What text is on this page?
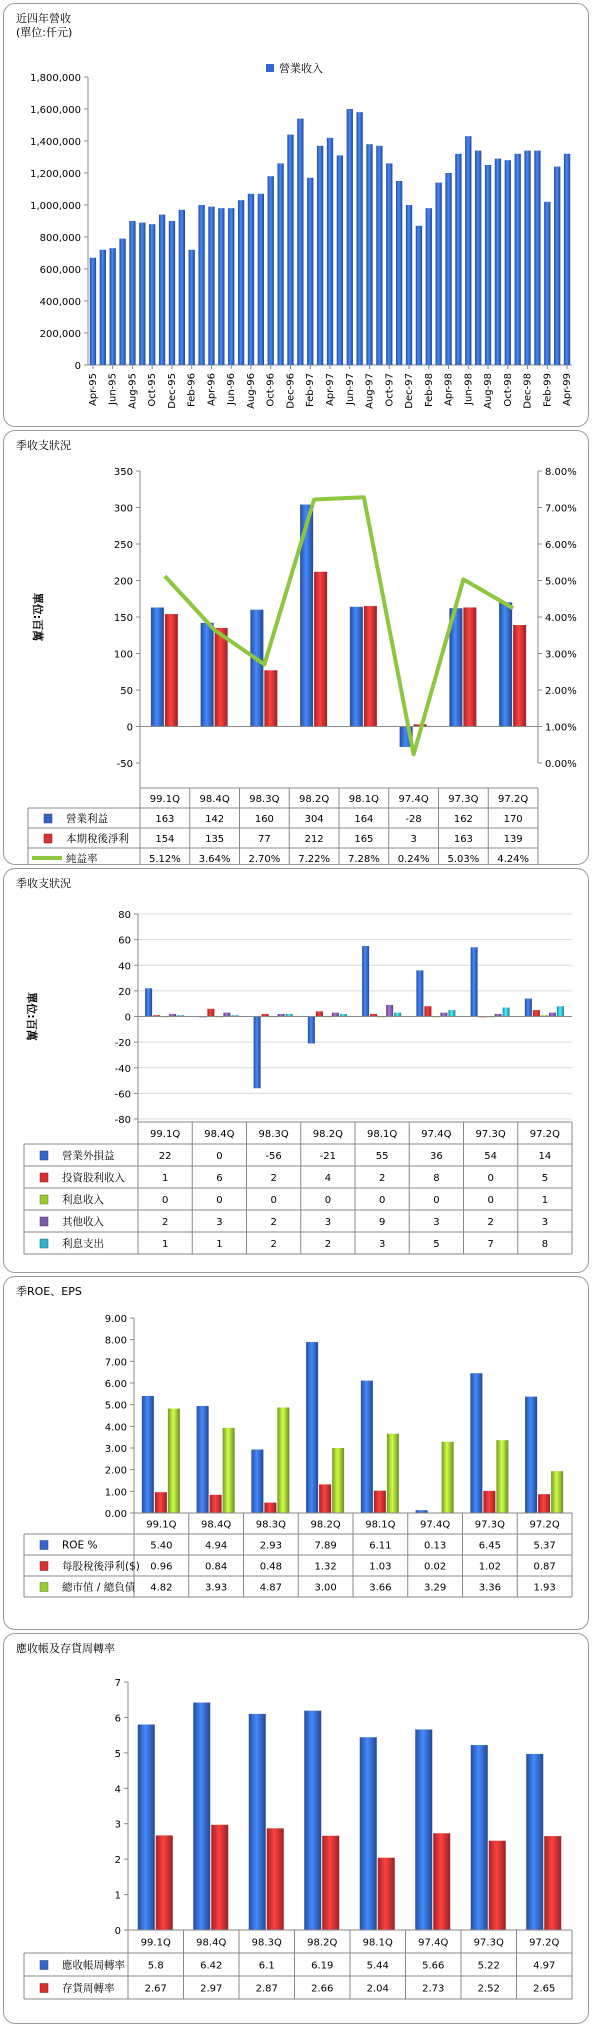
近四年營收
(單位:仟元)
0
200,000
400,000
600,000
800,000
1,000,000
1,200,000
1,400,000
1,600,000
1,800,000
Apr-95 Jun-95 Aug-95 Oct-95 Dec-95 Feb-96 Apr-96 Jun-96 Aug-96 Oct-96 Dec-96 Feb-97 Apr-97 Jun-97 Aug-97 Oct-97 Dec-97 Feb-98 Apr-98 Jun-98 Aug-98 Oct-98 Dec-98 Feb-99 Apr-99
營業收入
季收支狀況
-50
0
50
100
150
200
250
300
350
0.00%
1.00%
2.00%
3.00%
4.00%
5.00%
6.00%
7.00%
8.00%
單位:百萬
99.1Q 98.4Q 98.3Q 98.2Q 98.1Q 97.4Q 97.3Q 97.2Q
營業利益	163	142	160	304	164	-28	162	170
本期稅後淨利	154	135	77	212	165	3	163	139
純益率	5.12% 3.64% 2.70% 7.22% 7.28% 0.24% 5.03% 4.24%
季收支狀況
-80
-60
-40
-20
0
20
40
60
80
單位:百萬
99.1Q 98.4Q 98.3Q 98.2Q 98.1Q 97.4Q 97.3Q 97.2Q
營業外損益	22	0	-56	-21	55	36	54	14
投資股利收入	1	6	2	4	2	8	0	5
利息收入	0	0	0	0	0	0	0	1
其他收入	2	3	2	3	9	3	2	3
利息支出	1	1	2	2	3	5	7	8
季ROE、EPS
0.00
1.00
2.00
3.00
4.00
5.00
6.00
7.00
8.00
9.00
99.1Q 98.4Q 98.3Q 98.2Q 98.1Q 97.4Q 97.3Q 97.2Q
ROE %	5.40	4.94	2.93	7.89	6.11	0.13	6.45	5.37
每股稅後淨利($) 0.96	0.84	0.48	1.32	1.03	0.02	1.02	0.87
總市值 / 總負債 4.82	3.93	4.87	3.00	3.66	3.29	3.36	1.93
應收帳及存貨周轉率
0
1
2
3
4
5
6
7
99.1Q	98.4Q	98.3Q	98.2Q	98.1Q	97.4Q	97.3Q	97.2Q
應收帳周轉率 5.8	6.42	6.1	6.19	5.44	5.66	5.22	4.97
存貨周轉率	2.67	2.97	2.87	2.66	2.04	2.73	2.52	2.65
